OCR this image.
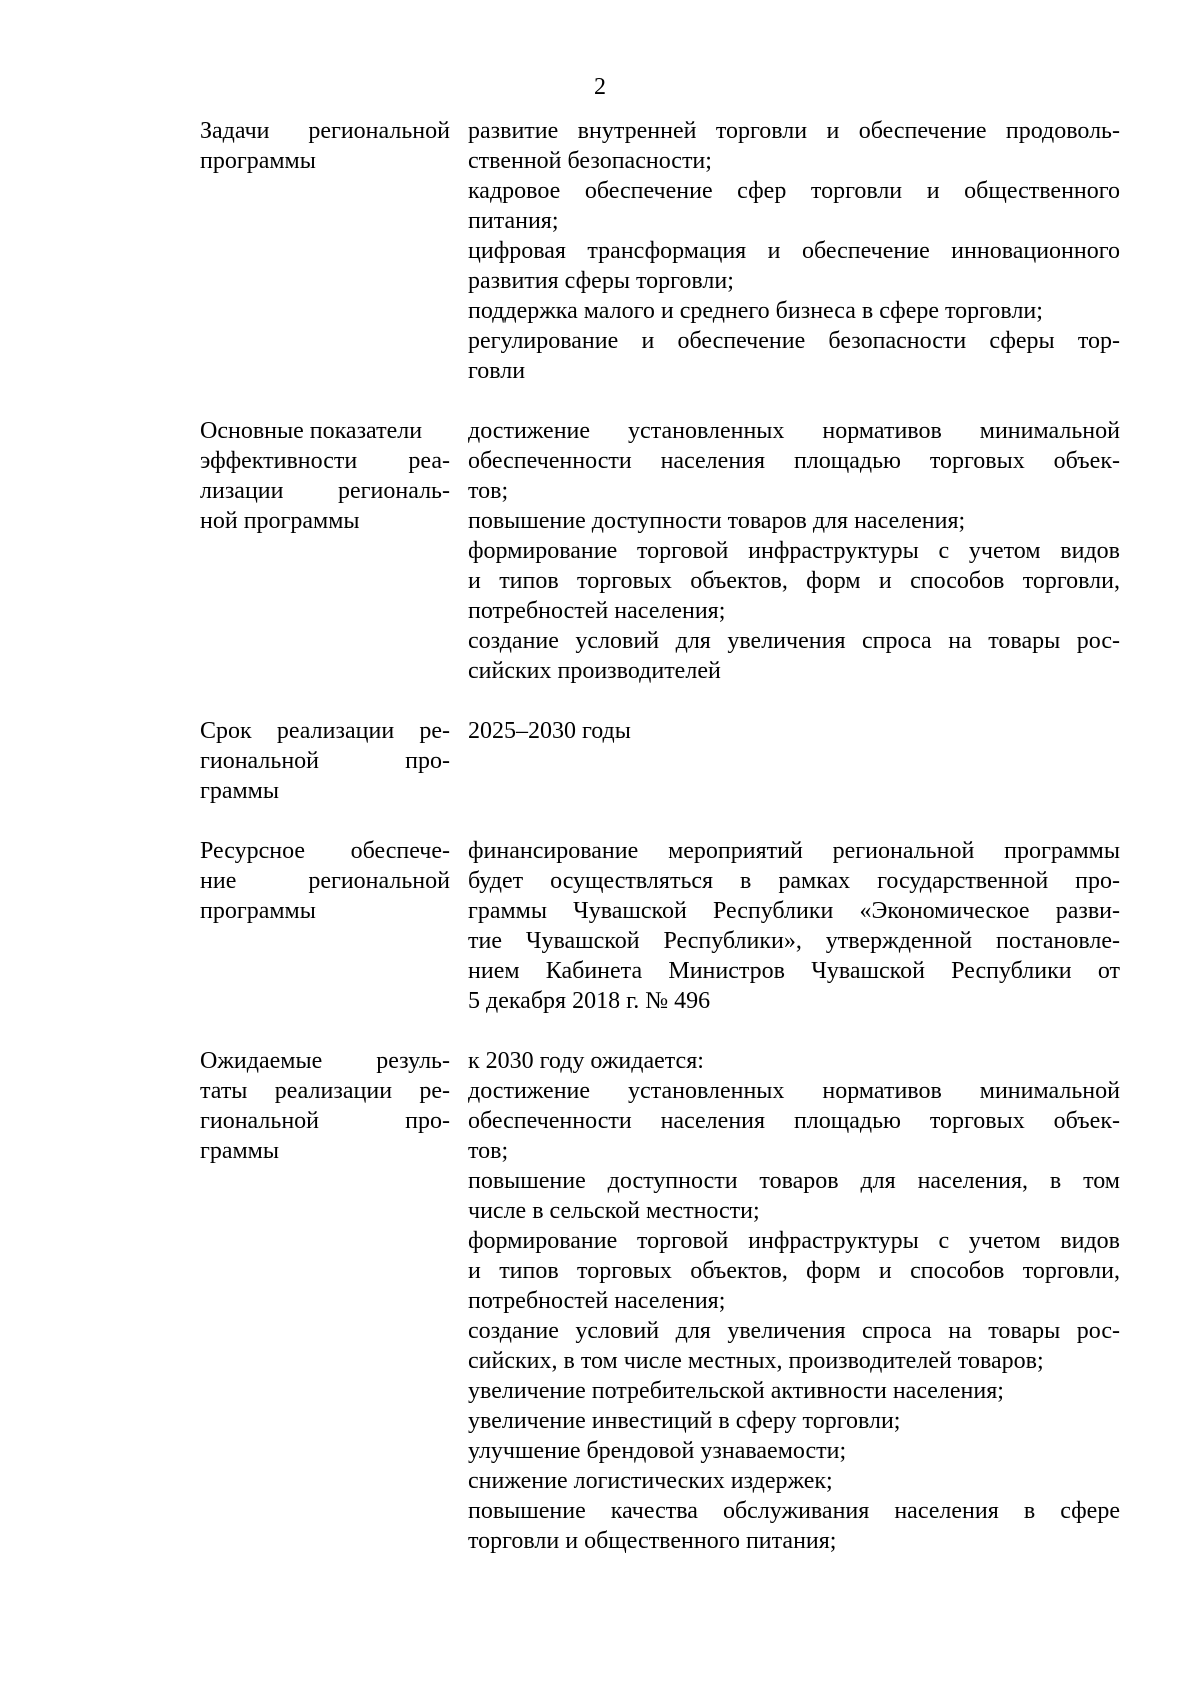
2
Задачи региональной
программы
развитие внутренней торговли и обеспечение продоволь-
ственной безопасности;
кадровое обеспечение сфер торговли и общественного
питания;
цифровая трансформация и обеспечение инновационного
развития сферы торговли;
поддержка малого и среднего бизнеса в сфере торговли;
регулирование и обеспечение безопасности сферы тор-
говли
Основные показатели
эффективности реа-
лизации региональ-
ной программы
достижение установленных нормативов минимальной
обеспеченности населения площадью торговых объек-
тов;
повышение доступности товаров для населения;
формирование торговой инфраструктуры с учетом видов
и типов торговых объектов, форм и способов торговли,
потребностей населения;
создание условий для увеличения спроса на товары рос-
сийских производителей
Срок реализации ре-
гиональной про-
граммы
2025–2030 годы
Ресурсное обеспече-
ние региональной
программы
финансирование мероприятий региональной программы
будет осуществляться в рамках государственной про-
граммы Чувашской Республики «Экономическое разви-
тие Чувашской Республики», утвержденной постановле-
нием Кабинета Министров Чувашской Республики от
5 декабря 2018 г. № 496
Ожидаемые резуль-
таты реализации ре-
гиональной про-
граммы
к 2030 году ожидается:
достижение установленных нормативов минимальной
обеспеченности населения площадью торговых объек-
тов;
повышение доступности товаров для населения, в том
числе в сельской местности;
формирование торговой инфраструктуры с учетом видов
и типов торговых объектов, форм и способов торговли,
потребностей населения;
создание условий для увеличения спроса на товары рос-
сийских, в том числе местных, производителей товаров;
увеличение потребительской активности населения;
увеличение инвестиций в сферу торговли;
улучшение брендовой узнаваемости;
снижение логистических издержек;
повышение качества обслуживания населения в сфере
торговли и общественного питания;
